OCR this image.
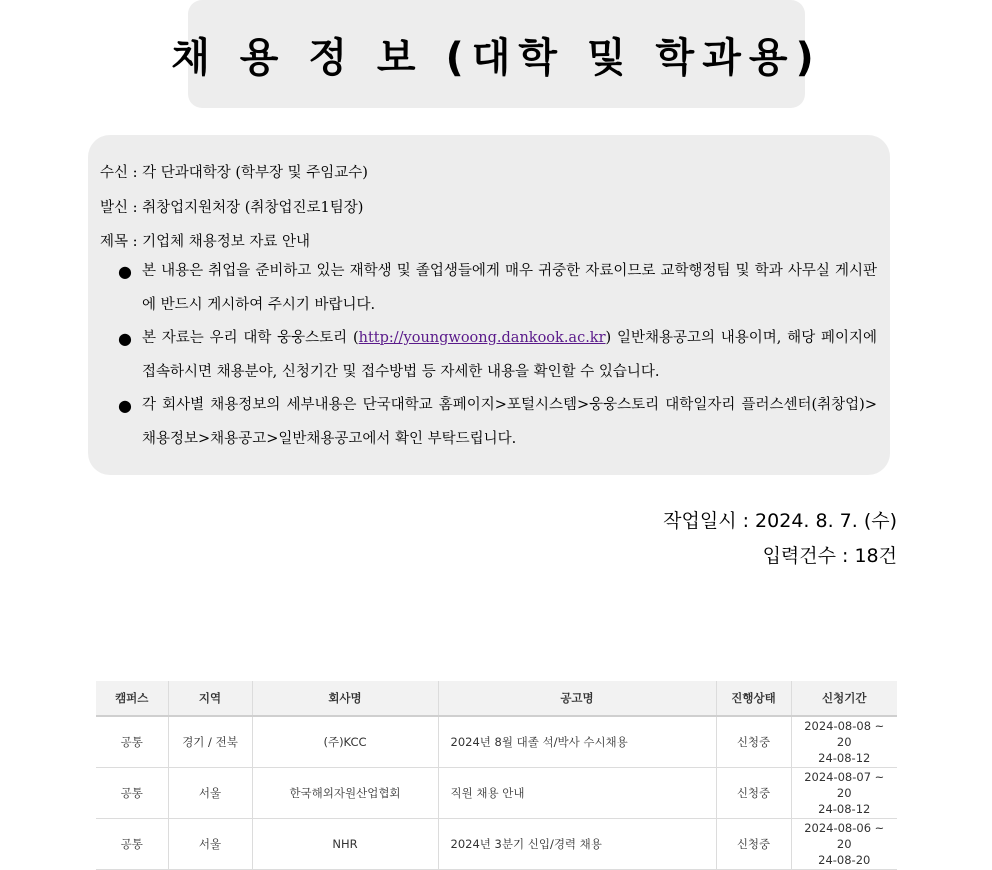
채 용 정 보 (대학 및 학과용)
수신 : 각 단과대학장 (학부장 및 주임교수)
발신 : 취창업지원처장 (취창업진로1팀장)
제목 : 기업체 채용정보 자료 안내
● 본 내용은 취업을 준비하고 있는 재학생 및 졸업생들에게 매우 귀중한 자료이므로 교학행정팀 및 학과 사무실 게시판에 반드시 게시하여 주시기 바랍니다.
● 본 자료는 우리 대학 웅웅스토리 (http://youngwoong.dankook.ac.kr) 일반채용공고의 내용이며, 해당 페이지에 접속하시면 채용분야, 신청기간 및 접수방법 등 자세한 내용을 확인할 수 있습니다.
● 각 회사별 채용정보의 세부내용은 단국대학교 홈페이지>포털시스템>웅웅스토리 대학일자리 플러스센터(취창업)>채용정보>채용공고>일반채용공고에서 확인 부탁드립니다.
작업일시 : 2024. 8. 7. (수)
입력건수 : 18건
캠퍼스	지역	회사명	공고명	진행상태	신청기간
공통	경기 / 전북	(주)KCC	2024년 8월 대졸 석/박사 수시채용	신청중	2024-08-08 ~ 20
24-08-12

공통	서울	한국해외자원산업협회	직원 채용 안내	신청중	2024-08-07 ~ 20
24-08-12

공통	서울	NHR	2024년 3분기 신입/경력 채용	신청중	2024-08-06 ~ 20
24-08-20
